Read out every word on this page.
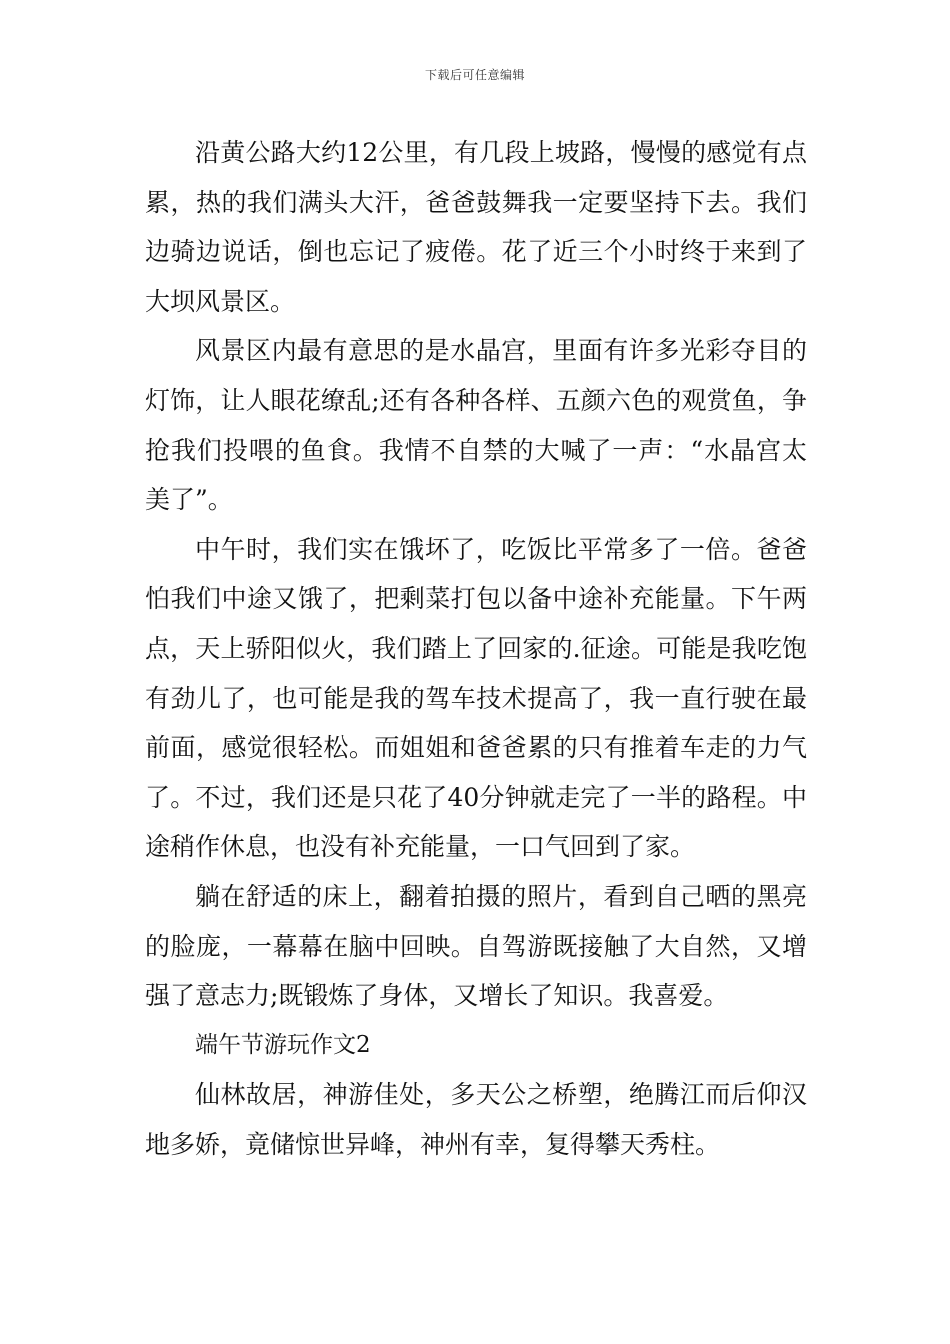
下载后可任意编辑

沿黄公路大约12公里，有几段上坡路，慢慢的感觉有点累，热的我们满头大汗，爸爸鼓舞我一定要坚持下去。我们边骑边说话，倒也忘记了疲倦。花了近三个小时终于来到了大坝风景区。

风景区内最有意思的是水晶宫，里面有许多光彩夺目的灯饰，让人眼花缭乱;还有各种各样、五颜六色的观赏鱼，争抢我们投喂的鱼食。我情不自禁的大喊了一声：“水晶宫太美了”。

中午时，我们实在饿坏了，吃饭比平常多了一倍。爸爸怕我们中途又饿了，把剩菜打包以备中途补充能量。下午两点，天上骄阳似火，我们踏上了回家的.征途。可能是我吃饱有劲儿了，也可能是我的驾车技术提高了，我一直行驶在最前面，感觉很轻松。而姐姐和爸爸累的只有推着车走的力气了。不过，我们还是只花了40分钟就走完了一半的路程。中途稍作休息，也没有补充能量，一口气回到了家。

躺在舒适的床上，翻着拍摄的照片，看到自己晒的黑亮的脸庞，一幕幕在脑中回映。自驾游既接触了大自然，又增强了意志力;既锻炼了身体，又增长了知识。我喜爱。

端午节游玩作文2

仙林故居，神游佳处，多天公之桥塑，绝腾江而后仰汉地多娇，竟储惊世异峰，神州有幸，复得攀天秀柱。
